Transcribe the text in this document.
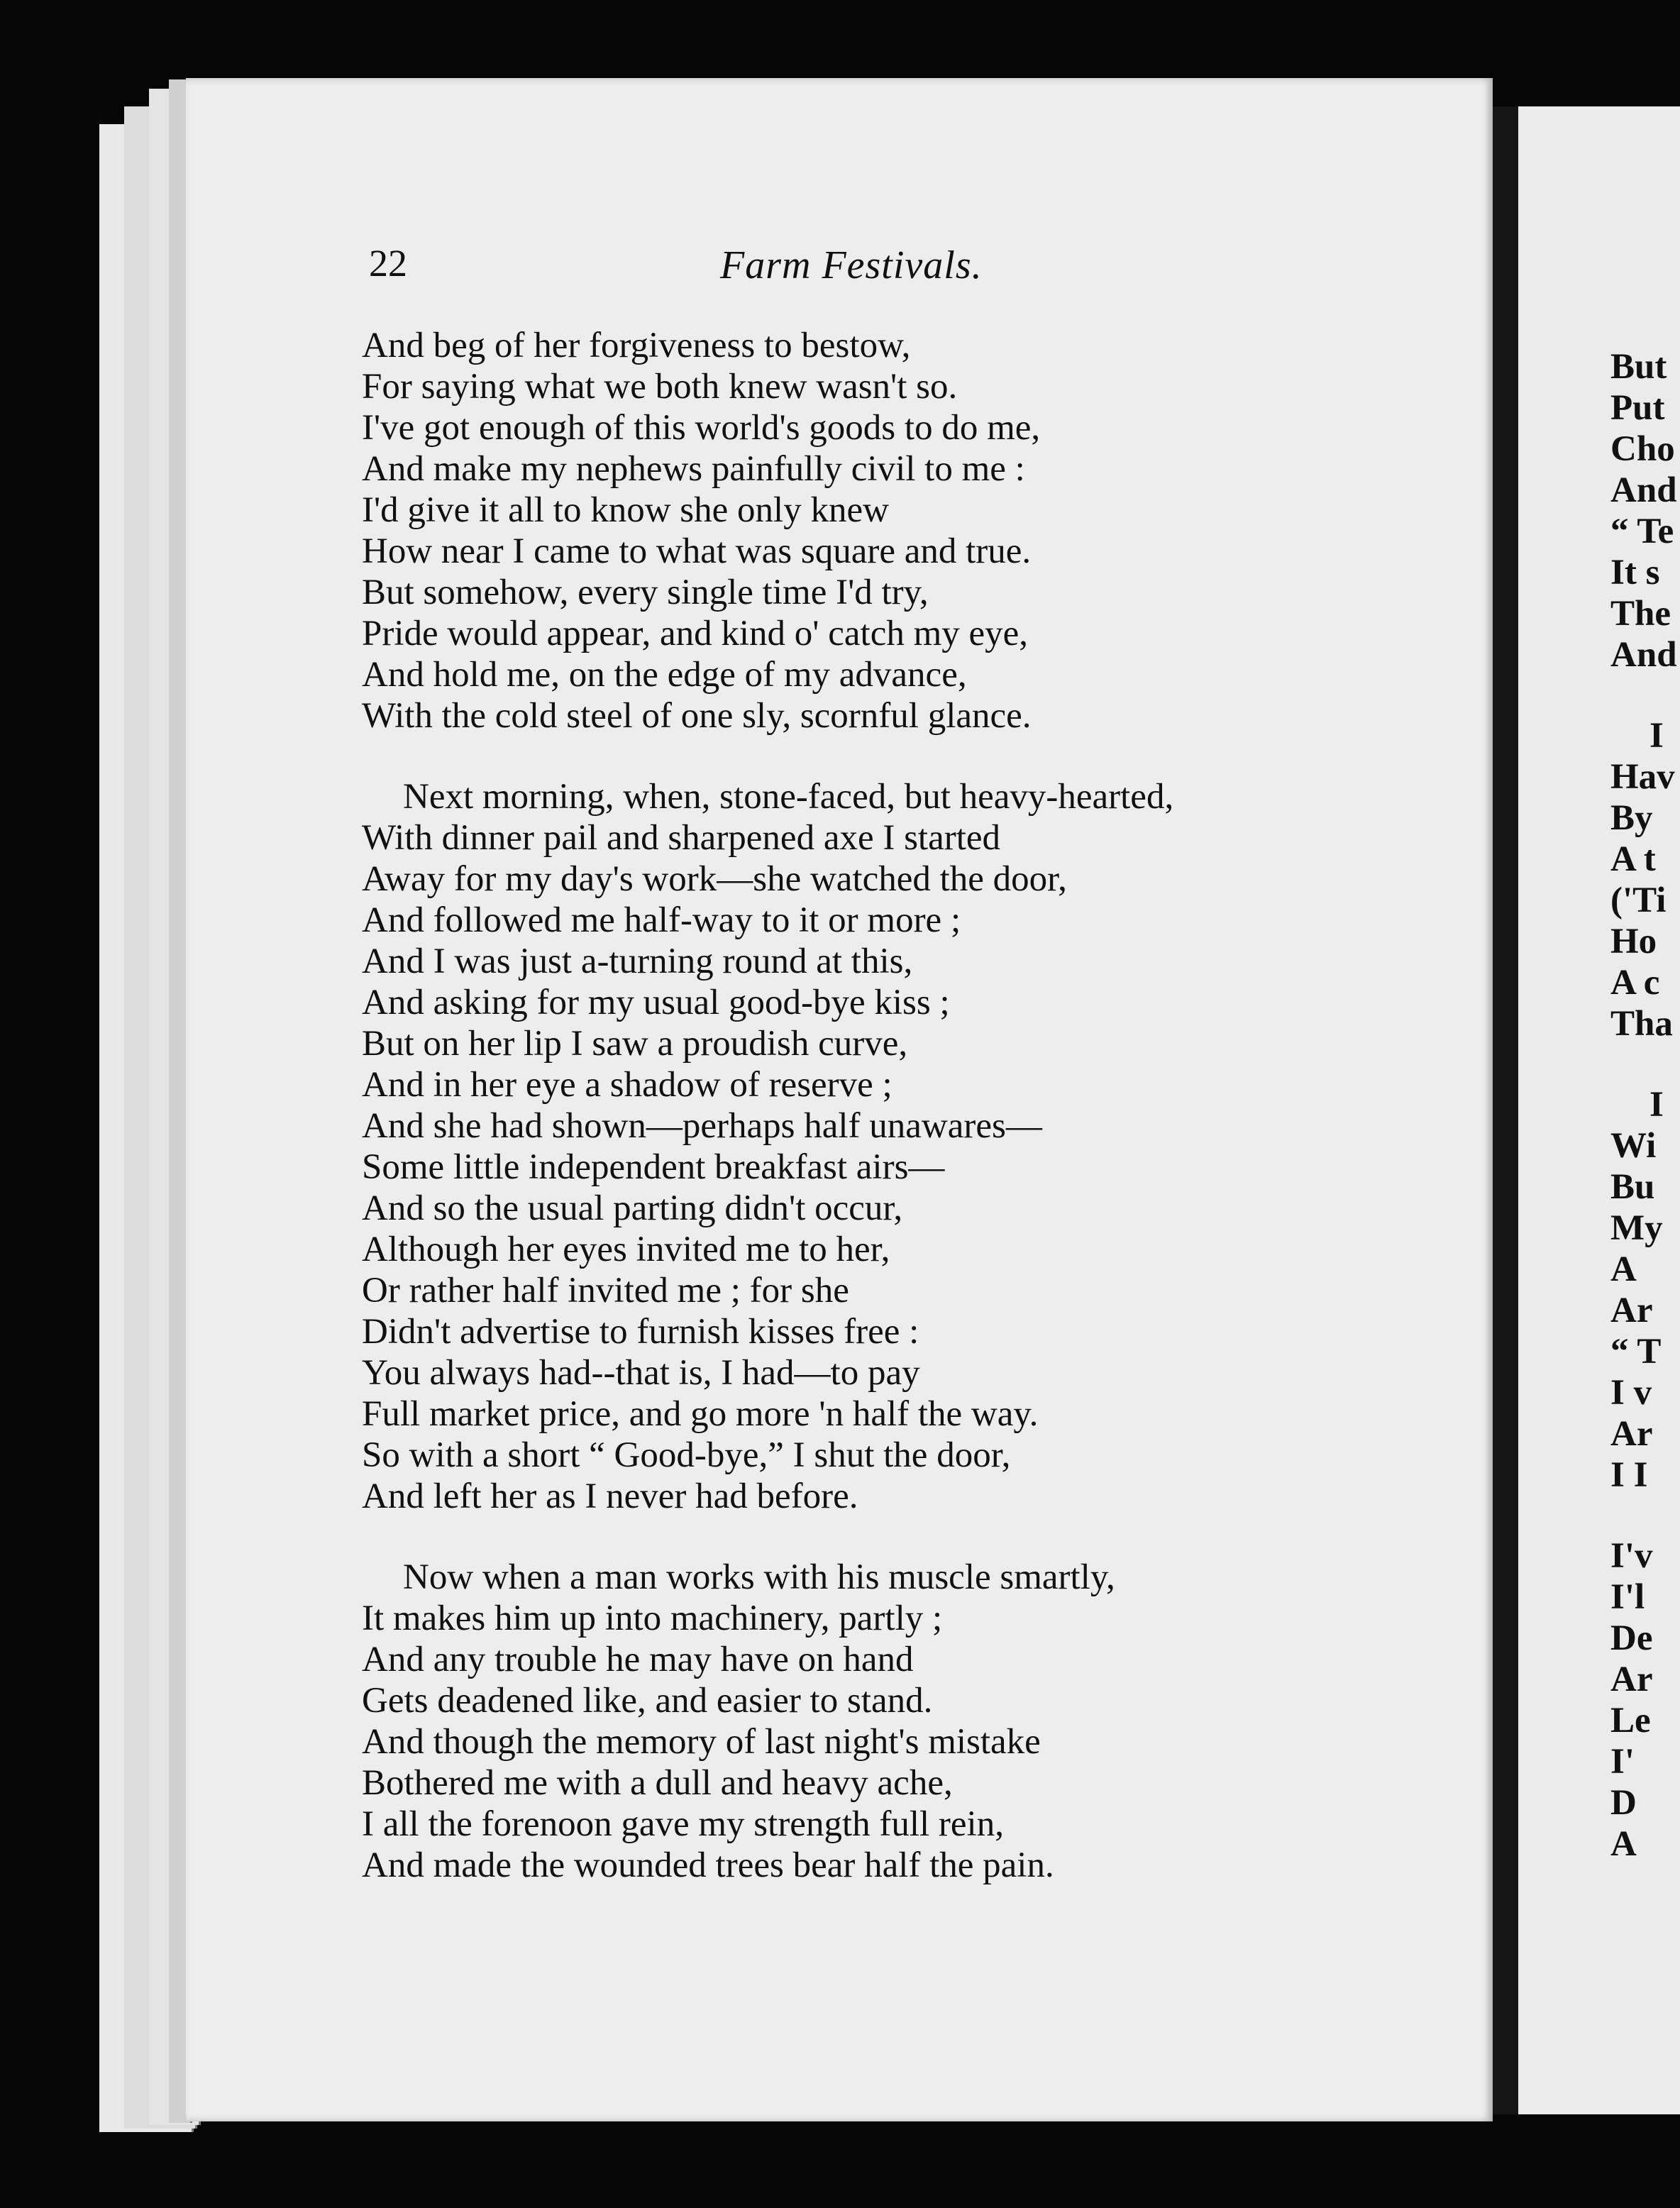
But
Put
Cho
And
“ Te
It s
The
And
I
Hav
By
A t
('Ti
Ho
A c
Tha
I
Wi
Bu
My
A
Ar
“ T
I v
Ar
I I
I'v
I'l
De
Ar
Le
I'
D
A
22	Farm Festivals.
And beg of her forgiveness to bestow,
For saying what we both knew wasn't so.
I've got enough of this world's goods to do me,
And make my nephews painfully civil to me :
I'd give it all to know she only knew
How near I came to what was square and true.
But somehow, every single time I'd try,
Pride would appear, and kind o' catch my eye,
And hold me, on the edge of my advance,
With the cold steel of one sly, scornful glance.
Next morning, when, stone-faced, but heavy-hearted,
With dinner pail and sharpened axe I started
Away for my day's work—she watched the door,
And followed me half-way to it or more ;
And I was just a-turning round at this,
And asking for my usual good-bye kiss ;
But on her lip I saw a proudish curve,
And in her eye a shadow of reserve ;
And she had shown—perhaps half unawares—
Some little independent breakfast airs—
And so the usual parting didn't occur,
Although her eyes invited me to her,
Or rather half invited me ; for she
Didn't advertise to furnish kisses free :
You always had--that is, I had—to pay
Full market price, and go more 'n half the way.
So with a short “ Good-bye,” I shut the door,
And left her as I never had before.
Now when a man works with his muscle smartly,
It makes him up into machinery, partly ;
And any trouble he may have on hand
Gets deadened like, and easier to stand.
And though the memory of last night's mistake
Bothered me with a dull and heavy ache,
I all the forenoon gave my strength full rein,
And made the wounded trees bear half the pain.
